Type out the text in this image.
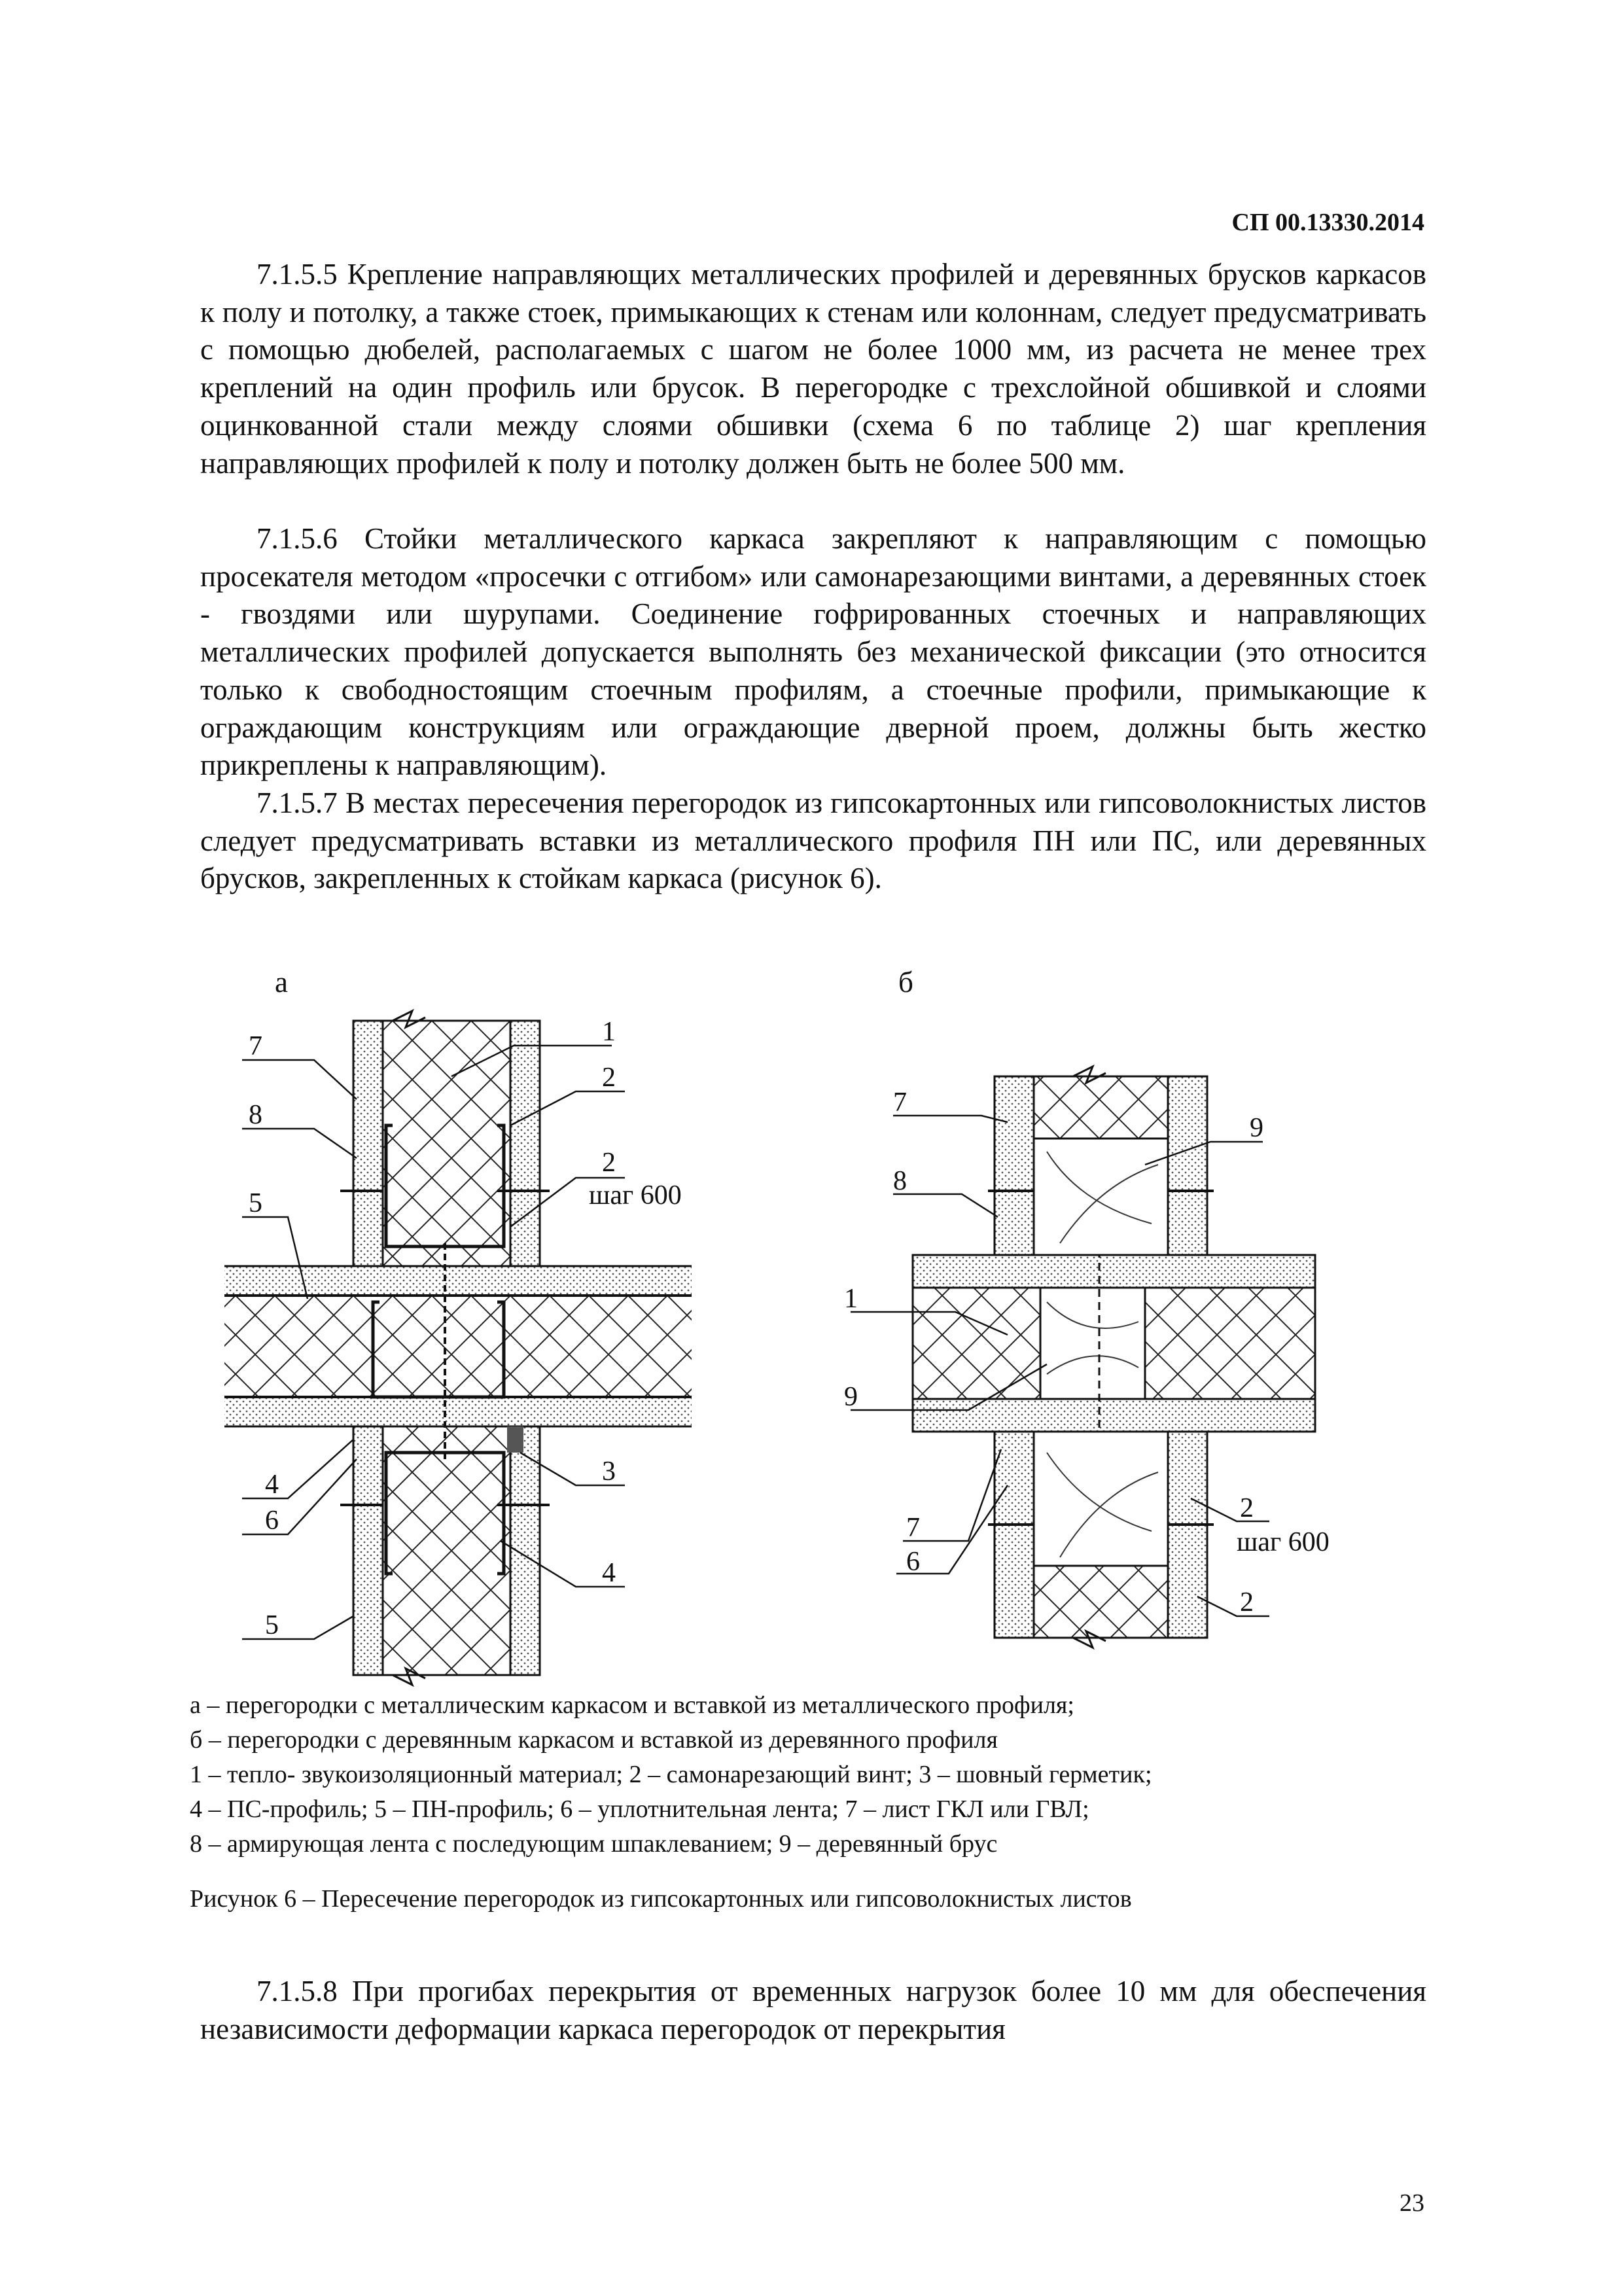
СП 00.13330.2014

7.1.5.5 Крепление направляющих металлических профилей и деревянных брусков каркасов к полу и потолку, а также стоек, примыкающих к стенам или колоннам, следует предусматривать с помощью дюбелей, располагаемых с шагом не более 1000 мм, из расчета не менее трех креплений на один профиль или брусок. В перегородке с трехслойной обшивкой и слоями оцинкованной стали между слоями обшивки (схема 6 по таблице 2) шаг крепления направляющих профилей к полу и потолку должен быть не более 500 мм.

7.1.5.6 Стойки металлического каркаса закрепляют к направляющим с помощью просекателя методом «просечки с отгибом» или самонарезающими винтами, а деревянных стоек - гвоздями или шурупами. Соединение гофрированных стоечных и направляющих металлических профилей допускается выполнять без механической фиксации (это относится только к свободностоящим стоечным профилям, а стоечные профили, примыкающие к ограждающим конструкциям или ограждающие дверной проем, должны быть жестко прикреплены к направляющим).

7.1.5.7 В местах пересечения перегородок из гипсокартонных или гипсоволокнистых листов следует предусматривать вставки из металлического профиля ПН или ПС, или деревянных брусков, закрепленных к стойкам каркаса (рисунок 6).

а	б
1
2
2
шаг 600
7
8
5
4
6
3
4
5
7
9
8
1
9
2
шаг 600
7
6
2
а – перегородки с металлическим каркасом и вставкой из металлического профиля;
б – перегородки с деревянным каркасом и вставкой из деревянного профиля
1 – тепло- звукоизоляционный материал; 2 – самонарезающий винт; 3 – шовный герметик;
4 – ПС-профиль; 5 – ПН-профиль; 6 – уплотнительная лента; 7 – лист ГКЛ или ГВЛ;
8 – армирующая лента с последующим шпаклеванием; 9 – деревянный брус
Рисунок 6 – Пересечение перегородок из гипсокартонных или гипсоволокнистых листов

7.1.5.8 При прогибах перекрытия от временных нагрузок более 10 мм для обеспечения независимости деформации каркаса перегородок от перекрытия

23
